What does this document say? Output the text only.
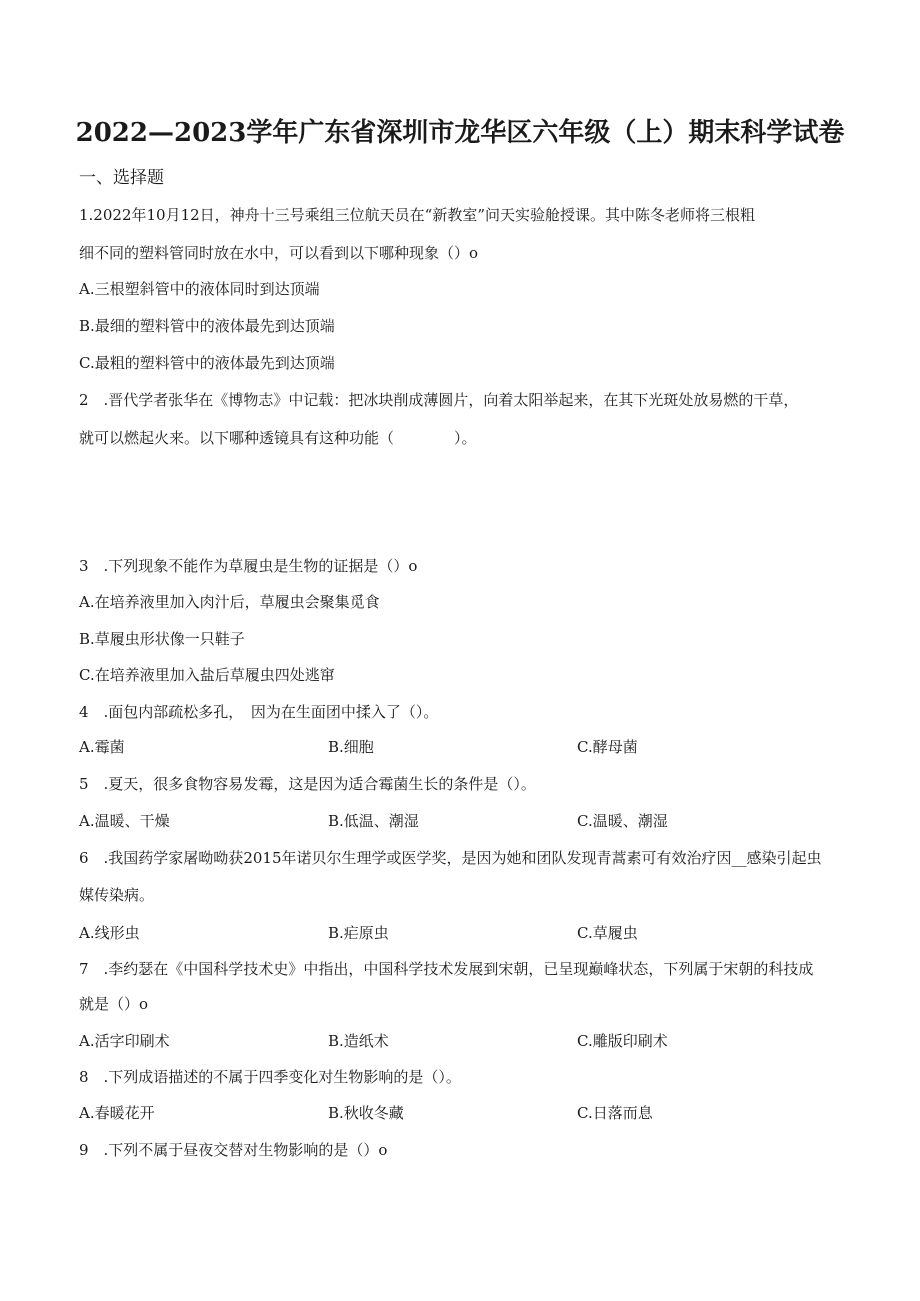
2022—2023学年广东省深圳市龙华区六年级（上）期末科学试卷
一、选择题
1.2022年10月12日，神舟十三号乘组三位航天员在“新教室”问天实验舱授课。其中陈冬老师将三根粗
细不同的塑料管同时放在水中，可以看到以下哪种现象（）o
A.三根塑斜管中的液体同时到达顶端
B.最细的塑料管中的液体最先到达顶端
C.最粗的塑料管中的液体最先到达顶端
2　.晋代学者张华在《博物志》中记载：把冰块削成薄圆片，向着太阳举起来，在其下光斑处放易燃的干草，
就可以燃起火来。以下哪种透镜具有这种功能（　　　　）。
3　.下列现象不能作为草履虫是生物的证据是（）o
A.在培养液里加入肉汁后，草履虫会聚集觅食
B.草履虫形状像一只鞋子
C.在培养液里加入盐后草履虫四处逃窜
4　.面包内部疏松多孔，　因为在生面团中揉入了（）。
A.霉菌	B.细胞	C.酵母菌
5　.夏天，很多食物容易发霉，这是因为适合霉菌生长的条件是（）。
A.温暖、干燥	B.低温、潮湿	C.温暖、潮湿
6　.我国药学家屠呦呦获2015年诺贝尔生理学或医学奖，是因为她和团队发现青蒿素可有效治疗因__感染引起虫
媒传染病。
A.线形虫	B.疟原虫	C.草履虫
7　.李约瑟在《中国科学技术史》中指出，中国科学技术发展到宋朝，已呈现巅峰状态，下列属于宋朝的科技成
就是（）o
A.活字印刷术	B.造纸术	C.雕版印刷术
8　.下列成语描述的不属于四季变化对生物影响的是（）。
A.春暖花开	B.秋收冬藏	C.日落而息
9　.下列不属于昼夜交替对生物影响的是（）o
